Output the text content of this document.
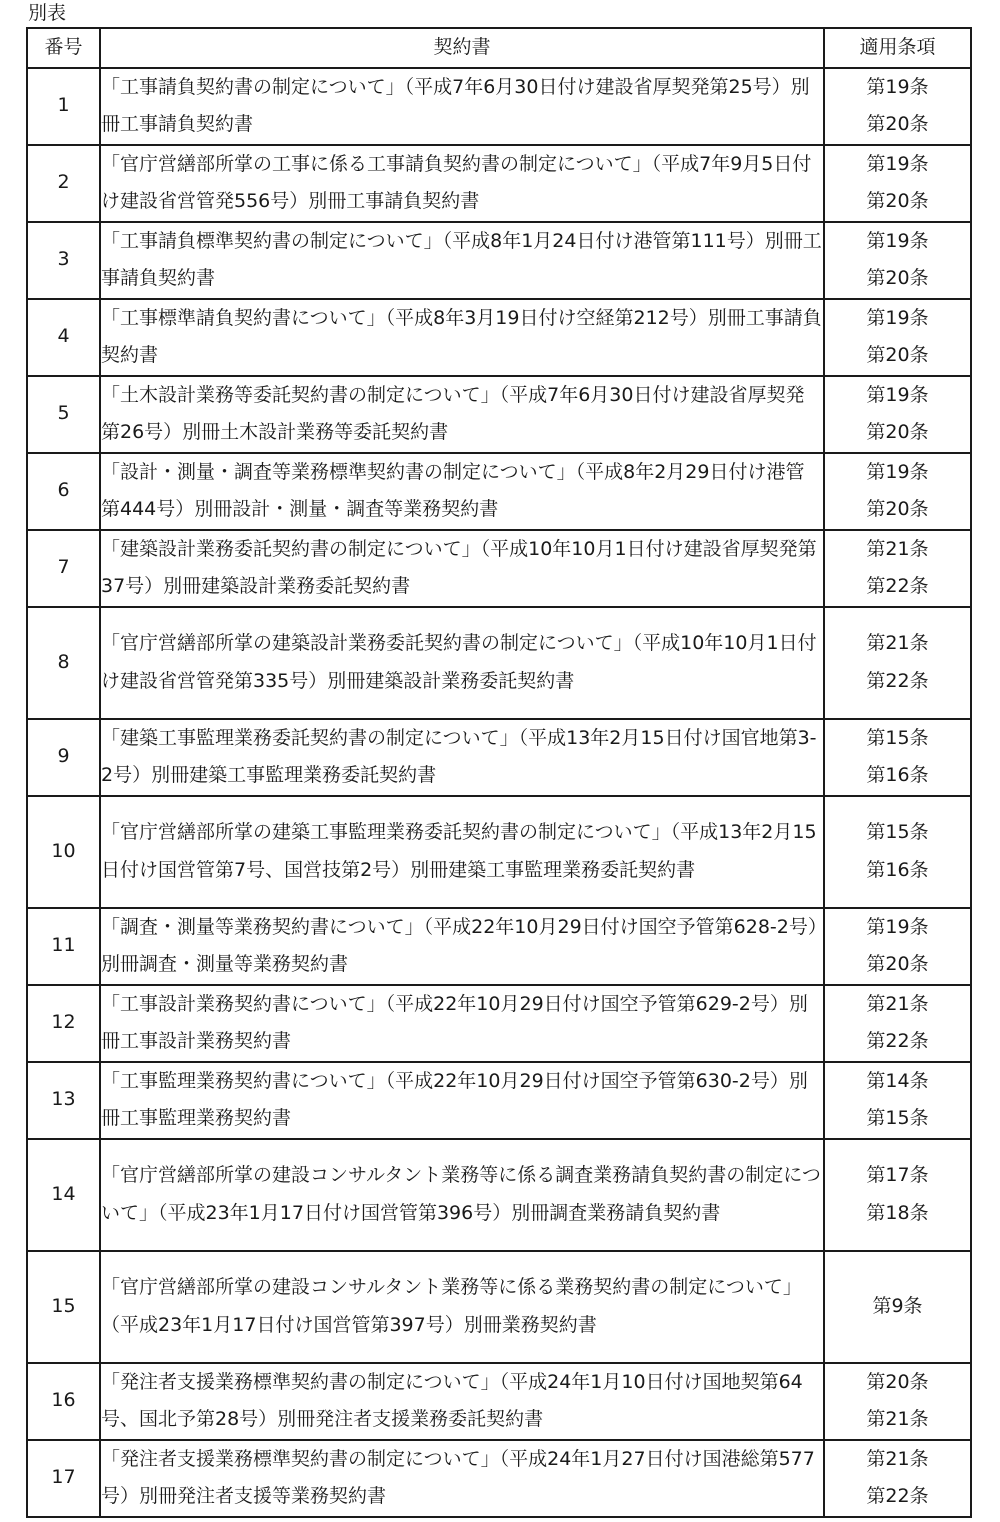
別表
番号	契約書	適用条項
1	「工事請負契約書の制定について」（平成7年6月30日付け建設省厚契発第25号）別冊工事請負契約書	第19条
第20条

2	「官庁営繕部所掌の工事に係る工事請負契約書の制定について」（平成7年9月5日付け建設省営管発556号）別冊工事請負契約書	第19条
第20条

3	「工事請負標準契約書の制定について」（平成8年1月24日付け港管第111号）別冊工事請負契約書	第19条
第20条

4	「工事標準請負契約書について」（平成8年3月19日付け空経第212号）別冊工事請負契約書	第19条
第20条

5	「土木設計業務等委託契約書の制定について」（平成7年6月30日付け建設省厚契発第26号）別冊土木設計業務等委託契約書	第19条
第20条

6	「設計・測量・調査等業務標準契約書の制定について」（平成8年2月29日付け港管第444号）別冊設計・測量・調査等業務契約書	第19条
第20条

7	「建築設計業務委託契約書の制定について」（平成10年10月1日付け建設省厚契発第37号）別冊建築設計業務委託契約書	第21条
第22条

8	「官庁営繕部所掌の建築設計業務委託契約書の制定について」（平成10年10月1日付け建設省営管発第335号）別冊建築設計業務委託契約書	第21条
第22条

9	「建築工事監理業務委託契約書の制定について」（平成13年2月15日付け国官地第3-2号）別冊建築工事監理業務委託契約書	第15条
第16条

10	「官庁営繕部所掌の建築工事監理業務委託契約書の制定について」（平成13年2月15日付け国営管第7号、国営技第2号）別冊建築工事監理業務委託契約書	第15条
第16条

11	「調査・測量等業務契約書について」（平成22年10月29日付け国空予管第628-2号）別冊調査・測量等業務契約書	第19条
第20条

12	「工事設計業務契約書について」（平成22年10月29日付け国空予管第629-2号）別冊工事設計業務契約書	第21条
第22条

13	「工事監理業務契約書について」（平成22年10月29日付け国空予管第630-2号）別冊工事監理業務契約書	第14条
第15条

14	「官庁営繕部所掌の建設コンサルタント業務等に係る調査業務請負契約書の制定について」（平成23年1月17日付け国営管第396号）別冊調査業務請負契約書	第17条
第18条

15	「官庁営繕部所掌の建設コンサルタント業務等に係る業務契約書の制定について」（平成23年1月17日付け国営管第397号）別冊業務契約書	第9条

16	「発注者支援業務標準契約書の制定について」（平成24年1月10日付け国地契第64号、国北予第28号）別冊発注者支援業務委託契約書	第20条
第21条

17	「発注者支援業務標準契約書の制定について」（平成24年1月27日付け国港総第577号）別冊発注者支援等業務契約書	第21条
第22条
